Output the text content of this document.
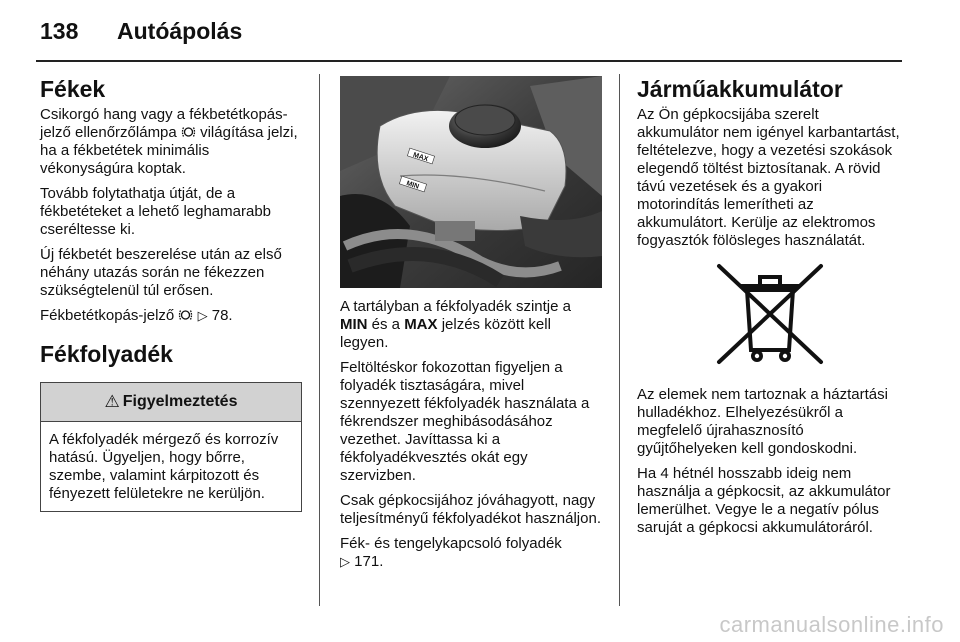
138 Autóápolás
Fékek

Csikorgó hang vagy a fékbetétkopás-jelző ellenőrzőlámpa  világítása jelzi, ha a fékbetétek minimális vékonyságúra koptak.

Tovább folytathatja útját, de a fékbetéteket a lehető leghamarabb cseréltesse ki.

Új fékbetét beszerelése után az első néhány utazás során ne fékezzen szükségtelenül túl erősen.

Fékbetétkopás-jelző  ▷ 78.

Fékfolyadék
⚠ Figyelmeztetés

A fékfolyadék mérgező és korrozív hatású. Ügyeljen, hogy bőrre, szembe, valamint kárpitozott és fényezett felületekre ne kerüljön.

MAX
MIN

A tartályban a fékfolyadék szintje a MIN és a MAX jelzés között kell legyen.

Feltöltéskor fokozottan figyeljen a folyadék tisztaságára, mivel szennyezett fékfolyadék használata a fékrendszer meghibásodásához vezethet. Javíttassa ki a fékfolyadékvesztés okát egy szervizben.

Csak gépkocsijához jóváhagyott, nagy teljesítményű fékfolyadékot használjon.

Fék- és tengelykapcsoló folyadék
▷ 171.

Járműakkumulátor

Az Ön gépkocsijába szerelt akkumulátor nem igényel karbantartást, feltételezve, hogy a vezetési szokások elegendő töltést biztosítanak. A rövid távú vezetések és a gyakori motorindítás lemerítheti az akkumulátort. Kerülje az elektromos fogyasztók fölösleges használatát.

Az elemek nem tartoznak a háztartási hulladékhoz. Elhelyezésükről a megfelelő újrahasznosító gyűjtőhelyeken kell gondoskodni.

Ha 4 hétnél hosszabb ideig nem használja a gépkocsit, az akkumulátor lemerülhet. Vegye le a negatív pólus saruját a gépkocsi akkumulátoráról.

carmanualsonline.info
